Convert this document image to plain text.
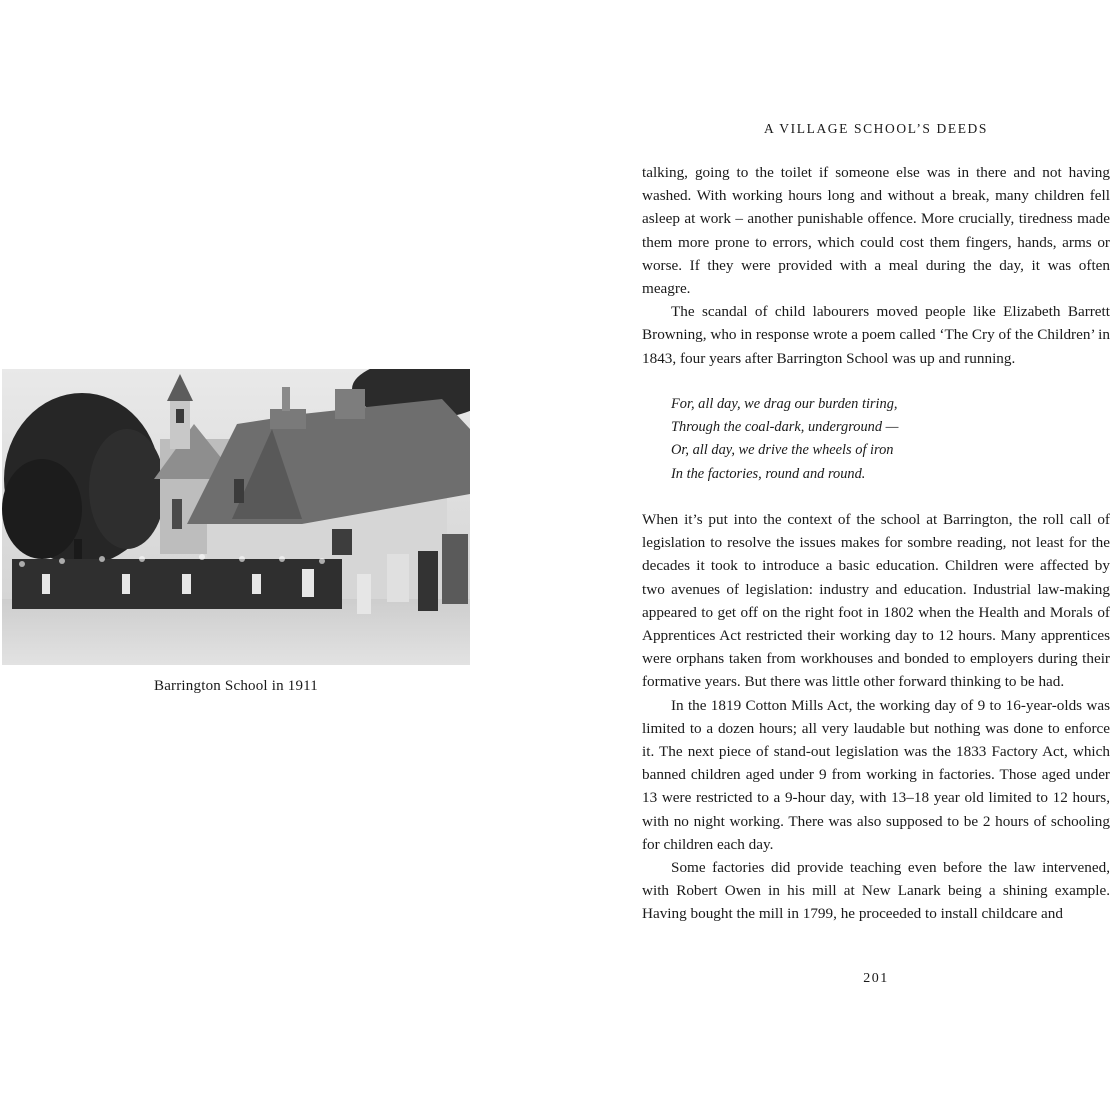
Barrington School in 1911
A VILLAGE SCHOOL’S DEEDS

talking, going to the toilet if someone else was in there and not having washed. With working hours long and without a break, many children fell asleep at work – another punishable offence. More crucially, tiredness made them more prone to errors, which could cost them fingers, hands, arms or worse. If they were provided with a meal during the day, it was often meagre.

The scandal of child labourers moved people like Elizabeth Barrett Browning, who in response wrote a poem called ‘The Cry of the Children’ in 1843, four years after Barrington School was up and running.

For, all day, we drag our burden tiring,
Through the coal-dark, underground —
Or, all day, we drive the wheels of iron
In the factories, round and round.

When it’s put into the context of the school at Barrington, the roll call of legislation to resolve the issues makes for sombre reading, not least for the decades it took to introduce a basic education. Children were affected by two avenues of legislation: industry and education. Industrial law-making appeared to get off on the right foot in 1802 when the Health and Morals of Apprentices Act restricted their working day to 12 hours. Many apprentices were orphans taken from workhouses and bonded to employers during their formative years. But there was little other forward thinking to be had.

In the 1819 Cotton Mills Act, the working day of 9 to 16-year-olds was limited to a dozen hours; all very laudable but nothing was done to enforce it. The next piece of stand-out legislation was the 1833 Factory Act, which banned children aged under 9 from working in factories. Those aged under 13 were restricted to a 9-hour day, with 13–18 year old limited to 12 hours, with no night working. There was also supposed to be 2 hours of schooling for children each day.

Some factories did provide teaching even before the law intervened, with Robert Owen in his mill at New Lanark being a shining example. Having bought the mill in 1799, he proceeded to install childcare and

201
